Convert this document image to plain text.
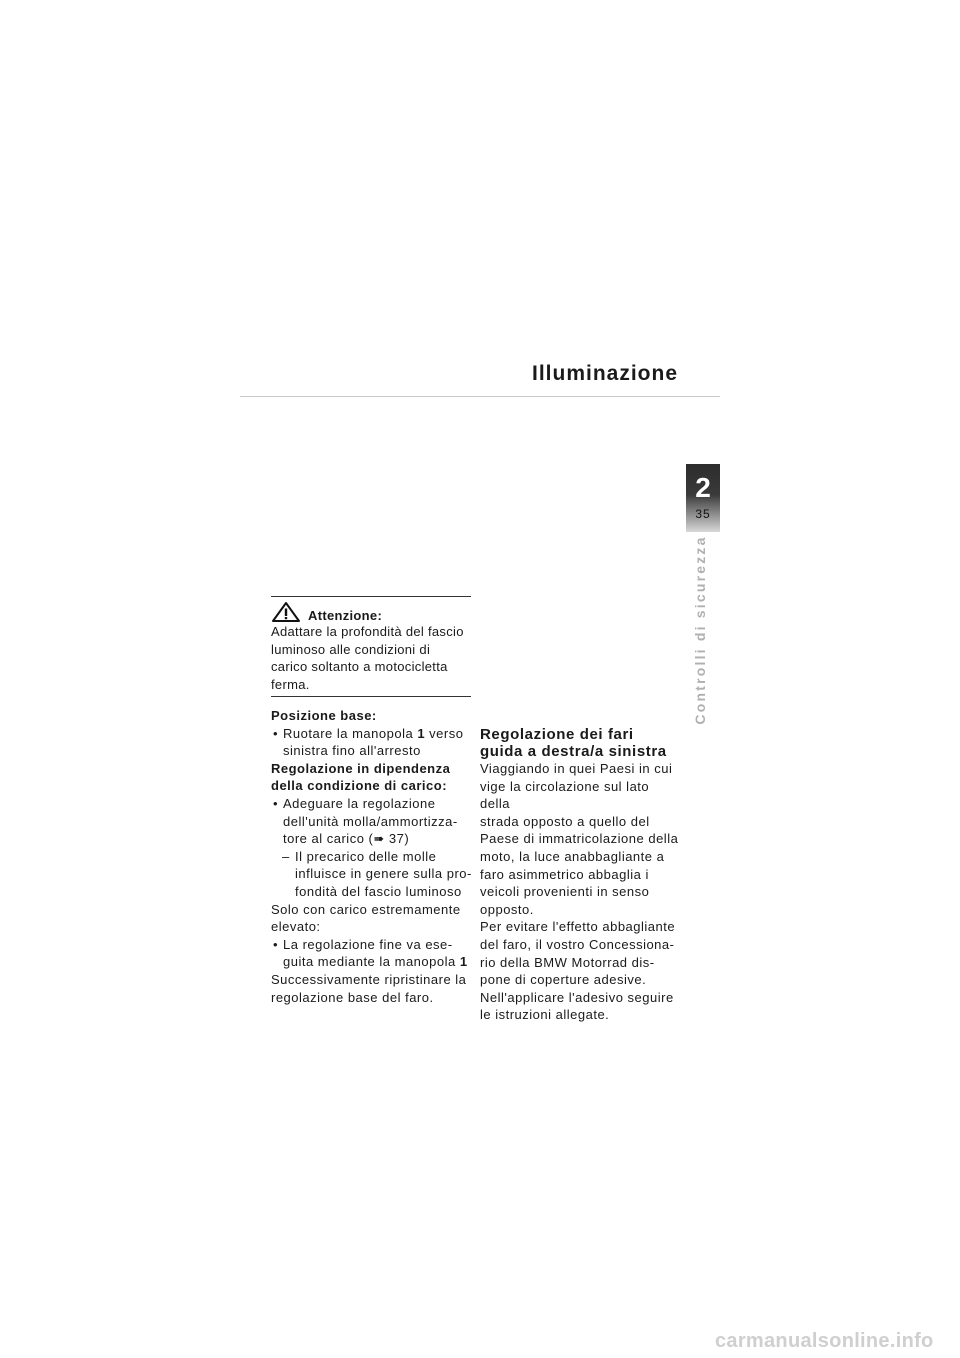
Illuminazione
2
35
Controlli di sicurezza
Attenzione:
Adattare la profondità del fascio
luminoso alle condizioni di
carico soltanto a motocicletta
ferma.
Posizione base:
• Ruotare la manopola 1 verso
sinistra fino all'arresto
Regolazione in dipendenza
della condizione di carico:
• Adeguare la regolazione
dell'unità molla/ammortizza-
tore al carico (➠ 37)
– Il precarico delle molle
influisce in genere sulla pro-
fondità del fascio luminoso
Solo con carico estremamente
elevato:
• La regolazione fine va ese-
guita mediante la manopola 1
Successivamente ripristinare la
regolazione base del faro.
Regolazione dei fari
guida a destra/a sinistra
Viaggiando in quei Paesi in cui
vige la circolazione sul lato della
strada opposto a quello del
Paese di immatricolazione della
moto, la luce anabbagliante a
faro asimmetrico abbaglia i
veicoli provenienti in senso
opposto.
Per evitare l'effetto abbagliante
del faro, il vostro Concessiona-
rio della BMW Motorrad dis-
pone di coperture adesive.
Nell'applicare l'adesivo seguire
le istruzioni allegate.
carmanualsonline.info
